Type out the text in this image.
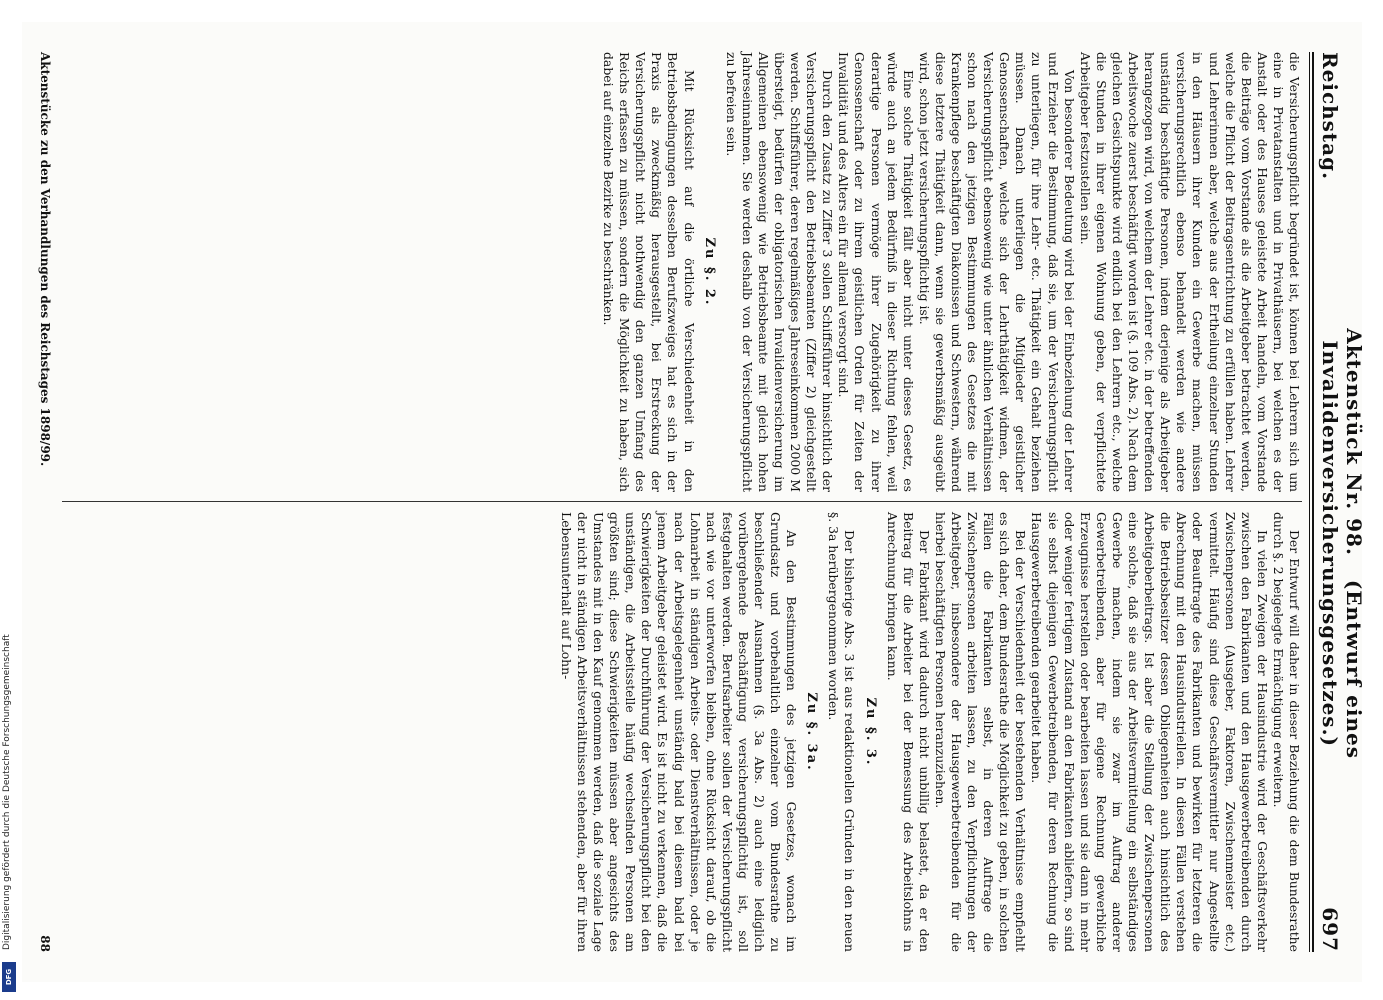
Reichstag.
Aktenstück Nr. 98.   (Entwurf eines Invalidenversicherungsgesetzes.)
697

die Versicherungspflicht begründet ist, können bei Lehrern sich um eine in Privatanstalten und in Privathäusern, bei welchen es der Anstalt oder des Hauses geleistete Arbeit handeln, vom Vorstande die Beiträge vom Vorstande als die Arbeitgeber betrachtet werden, welche die Pflicht der Beitragsentrichtung zu erfüllen haben. Lehrer und Lehrerinnen aber, welche aus der Ertheilung einzelner Stunden in den Häusern ihrer Kunden ein Gewerbe machen, müssen versicherungsrechtlich ebenso behandelt werden wie andere unständig beschäftigte Personen, indem derjenige als Arbeitgeber herangezogen wird, von welchem der Lehrer etc. in der betreffenden Arbeitswoche zuerst beschäftigt worden ist (§. 109 Abs. 2). Nach dem gleichen Gesichtspunkte wird endlich bei den Lehrern etc., welche die Stunden in ihrer eigenen Wohnung geben, der verpflichtete Arbeitgeber festzustellen sein.

Von besonderer Bedeutung wird bei der Einbeziehung der Lehrer und Erzieher die Bestimmung, daß sie, um der Versicherungspflicht zu unterliegen, für ihre Lehr- etc. Thätigkeit ein Gehalt beziehen müssen. Danach unterliegen die Mitglieder geistlicher Genossenschaften, welche sich der Lehrthätigkeit widmen, der Versicherungspflicht ebensowenig wie unter ähnlichen Verhältnissen schon nach den jetzigen Bestimmungen des Gesetzes die mit Krankenpflege beschäftigten Diakonissen und Schwestern, während diese letztere Thätigkeit dann, wenn sie gewerbsmäßig ausgeübt wird, schon jetzt versicherungspflichtig ist.

Eine solche Thätigkeit fällt aber nicht unter dieses Gesetz, es würde auch an jedem Bedürfniß in dieser Richtung fehlen, weil derartige Personen vermöge ihrer Zugehörigkeit zu ihrer Genossenschaft oder zu ihrem geistlichen Orden für Zeiten der Invalidität und des Alters ein für allemal versorgt sind.

Durch den Zusatz zu Ziffer 3 sollen Schiffsführer hinsichtlich der Versicherungspflicht den Betriebsbeamten (Ziffer 2) gleichgestellt werden. Schiffsführer, deren regelmäßiges Jahreseinkommen 2000 M übersteigt, bedürfen der obligatorischen Invalidenversicherung im Allgemeinen ebensowenig wie Betriebsbeamte mit gleich hohen Jahreseinnahmen. Sie werden deshalb von der Versicherungspflicht zu befreien sein.

Zu §. 2.

Mit Rücksicht auf die örtliche Verschiedenheit in den Betriebsbedingungen desselben Berufszweiges hat es sich in der Praxis als zweckmäßig herausgestellt, bei Erstreckung der Versicherungspflicht nicht nothwendig den ganzen Umfang des Reichs erfassen zu müssen, sondern die Möglichkeit zu haben, sich dabei auf einzelne Bezirke zu beschränken.

Der Entwurf will daher in dieser Beziehung die dem Bundesrathe durch §. 2 beigelegte Ermächtigung erweitern.

In vielen Zweigen der Hausindustrie wird der Geschäftsverkehr zwischen den Fabrikanten und den Hausgewerbetreibenden durch Zwischenpersonen (Ausgeber, Faktoren, Zwischenmeister etc.) vermittelt. Häufig sind diese Geschäftsvermittler nur Angestellte oder Beauftragte des Fabrikanten und bewirken für letzteren die Abrechnung mit den Hausindustriellen. In diesen Fällen verstehen die Betriebsbesitzer dessen Obliegenheiten auch hinsichtlich des Arbeitgeberbeitrags. Ist aber die Stellung der Zwischenpersonen eine solche, daß sie aus der Arbeitsvermittelung ein selbständiges Gewerbe machen, indem sie zwar im Auftrag anderer Gewerbetreibenden, aber für eigene Rechnung gewerbliche Erzeugnisse herstellen oder bearbeiten lassen und sie dann in mehr oder weniger fertigem Zustand an den Fabrikanten abliefern, so sind sie selbst diejenigen Gewerbetreibenden, für deren Rechnung die Hausgewerbetreibenden gearbeitet haben.

Bei der Verschiedenheit der bestehenden Verhältnisse empfiehlt es sich daher, dem Bundesrathe die Möglichkeit zu geben, in solchen Fällen die Fabrikanten selbst, in deren Auftrage die Zwischenpersonen arbeiten lassen, zu den Verpflichtungen der Arbeitgeber, insbesondere der Hausgewerbetreibenden für die hierbei beschäftigten Personen heranzuziehen.

Der Fabrikant wird dadurch nicht unbillig belastet, da er den Beitrag für die Arbeiter bei der Bemessung des Arbeitslohns in Anrechnung bringen kann.

Zu §. 3.

Der bisherige Abs. 3 ist aus redaktionellen Gründen in den neuen §. 3a herübergenommen worden.

Zu §. 3a.

An den Bestimmungen des jetzigen Gesetzes, wonach im Grundsatz und vorbehaltlich einzelner vom Bundesrathe zu beschließender Ausnahmen (§. 3a Abs. 2) auch eine lediglich vorübergehende Beschäftigung versicherungspflichtig ist, soll festgehalten werden. Berufsarbeiter sollen der Versicherungspflicht nach wie vor unterworfen bleiben, ohne Rücksicht darauf, ob die Lohnarbeit in ständigen Arbeits- oder Dienstverhältnissen, oder je nach der Arbeitsgelegenheit unständig bald bei diesem bald bei jenem Arbeitgeber geleistet wird. Es ist nicht zu verkennen, daß die Schwierigkeiten der Durchführung der Versicherungspflicht bei den unständigen, die Arbeitsstelle häufig wechselnden Personen am größten sind; diese Schwierigkeiten müssen aber angesichts des Umstandes mit in den Kauf genommen werden, daß die soziale Lage der nicht in ständigen Arbeitsverhältnissen stehenden, aber für ihren Lebensunterhalt auf Lohn-

Aktenstücke zu den Verhandlungen des Reichstages 1898/99.
88
Digitalisierung gefördert durch die Deutsche Forschungsgemeinschaft
DFG
